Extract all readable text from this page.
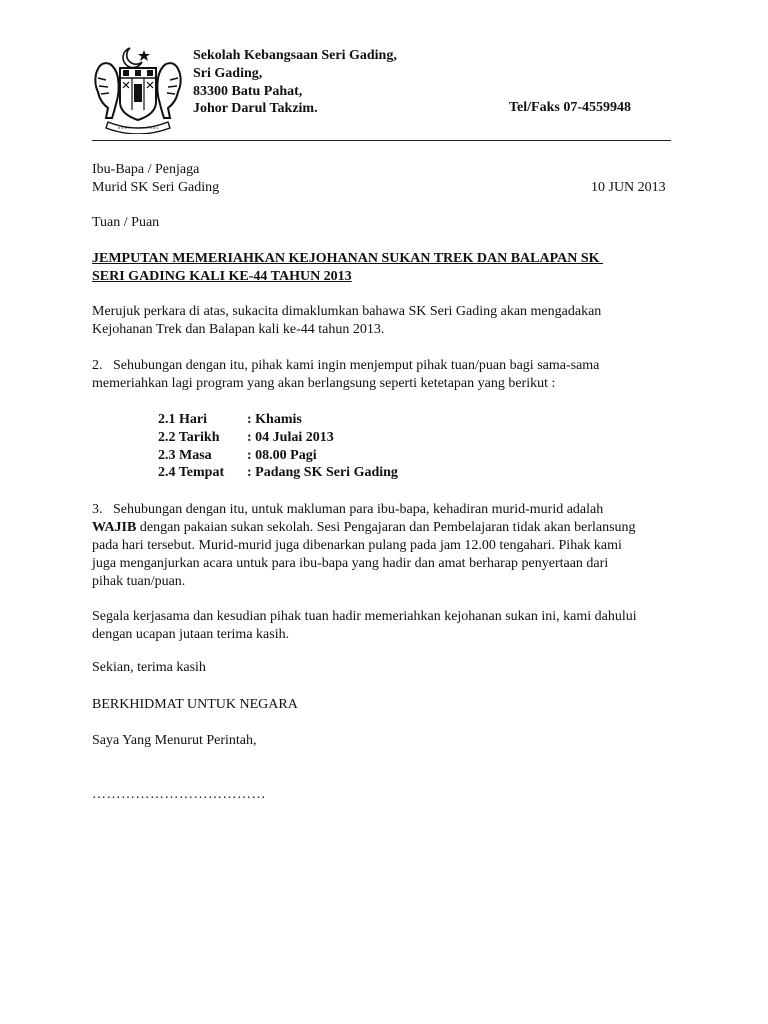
Sekolah Kebangsaan Seri Gading,
Sri Gading,
83300 Batu Pahat,
Johor Darul Takzim.	Tel/Faks 07-4559948
Ibu-Bapa / Penjaga
Murid SK Seri Gading	10 JUN 2013
Tuan / Puan
JEMPUTAN MEMERIAHKAN KEJOHANAN SUKAN TREK DAN BALAPAN SK
SERI GADING KALI KE-44 TAHUN 2013
Merujuk perkara di atas, sukacita dimaklumkan bahawa SK Seri Gading akan mengadakan
Kejohanan Trek dan Balapan kali ke-44 tahun 2013.
2.   Sehubungan dengan itu, pihak kami ingin menjemput pihak tuan/puan bagi sama-sama
memeriahkan lagi program yang akan berlangsung seperti ketetapan yang berikut :
2.1 Hari	: Khamis
2.2 Tarikh	: 04 Julai 2013
2.3 Masa	: 08.00 Pagi
2.4 Tempat	: Padang SK Seri Gading
3.   Sehubungan dengan itu, untuk makluman para ibu-bapa, kehadiran murid-murid adalah
WAJIB dengan pakaian sukan sekolah. Sesi Pengajaran dan Pembelajaran tidak akan berlansung
pada hari tersebut. Murid-murid juga dibenarkan pulang pada jam 12.00 tengahari. Pihak kami
juga menganjurkan acara untuk para ibu-bapa yang hadir dan amat berharap penyertaan dari
pihak tuan/puan.
Segala kerjasama dan kesudian pihak tuan hadir memeriahkan kejohanan sukan ini, kami dahului
dengan ucapan jutaan terima kasih.
Sekian, terima kasih
BERKHIDMAT UNTUK NEGARA
Saya Yang Menurut Perintah,
………………………………
